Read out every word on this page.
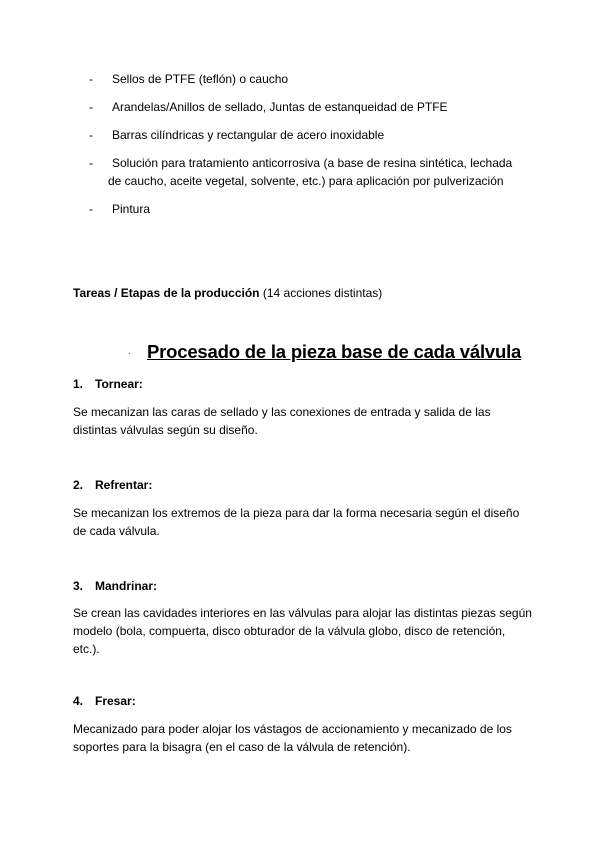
- Sellos de PTFE (teflón) o caucho
- Arandelas/Anillos de sellado, Juntas de estanqueidad de PTFE
- Barras cilíndricas y rectangular de acero inoxidable
-	Solución para tratamiento anticorrosiva (a base de resina sintética, lechada de caucho, aceite vegetal, solvente, etc.) para aplicación por pulverización
- Pintura
Tareas / Etapas de la producción (14 acciones distintas)
· Procesado de la pieza base de cada válvula
1. Tornear:
Se mecanizan las caras de sellado y las conexiones de entrada y salida de las distintas válvulas según su diseño.
2. Refrentar:
Se mecanizan los extremos de la pieza para dar la forma necesaria según el diseño de cada válvula.
3. Mandrinar:
Se crean las cavidades interiores en las válvulas para alojar las distintas piezas según modelo (bola, compuerta, disco obturador de la válvula globo, disco de retención, etc.).
4. Fresar:
Mecanizado para poder alojar los vástagos de accionamiento y mecanizado de los soportes para la bisagra (en el caso de la válvula de retención).
